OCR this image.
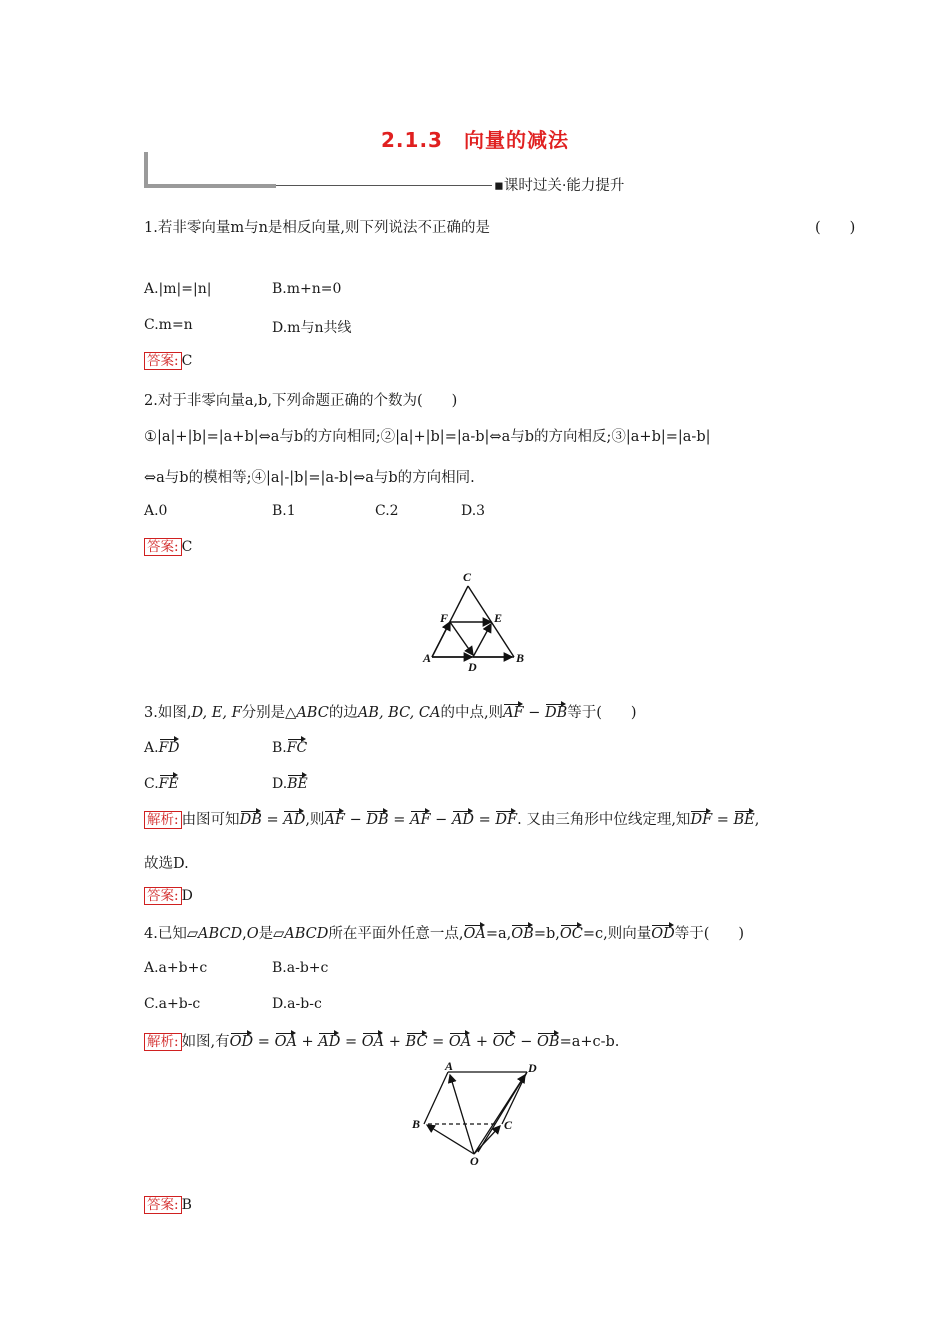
2.1.3　向量的减法
▪课时过关·能力提升
1.若非零向量m与n是相反向量,则下列说法不正确的是	(　　)
A.|m|=|n|	B.m+n=0
C.m=n	D.m与n共线
答案: C
2.对于非零向量a,b,下列命题正确的个数为(　　)
①|a|+|b|=|a+b|⇔a与b的方向相同;②|a|+|b|=|a-b|⇔a与b的方向相反;③|a+b|=|a-b|
⇔a与b的模相等;④|a|-|b|=|a-b|⇔a与b的方向相同.
A.0	B.1	C.2	D.3
答案: C
C
F	E
A
D
B
3.如图,D, E, F分别是△ABC的边AB, BC, CA的中点,则AF − DB等于(　　)
A.FD	B.FC
C.FE	D.BE
解析: 由图可知DB = AD,则AF − DB = AF − AD = DF. 又由三角形中位线定理,知DF = BE,
故选D.
答案: D
4.已知▱ABCD,O是▱ABCD所在平面外任意一点,OA=a,OB=b,OC=c,则向量OD等于(　　)
A.a+b+c	B.a-b+c
C.a+b-c	D.a-b-c
解析: 如图,有OD = OA + AD = OA + BC = OA + OC − OB=a+c-b.
A	D
B	C
O
答案: B
